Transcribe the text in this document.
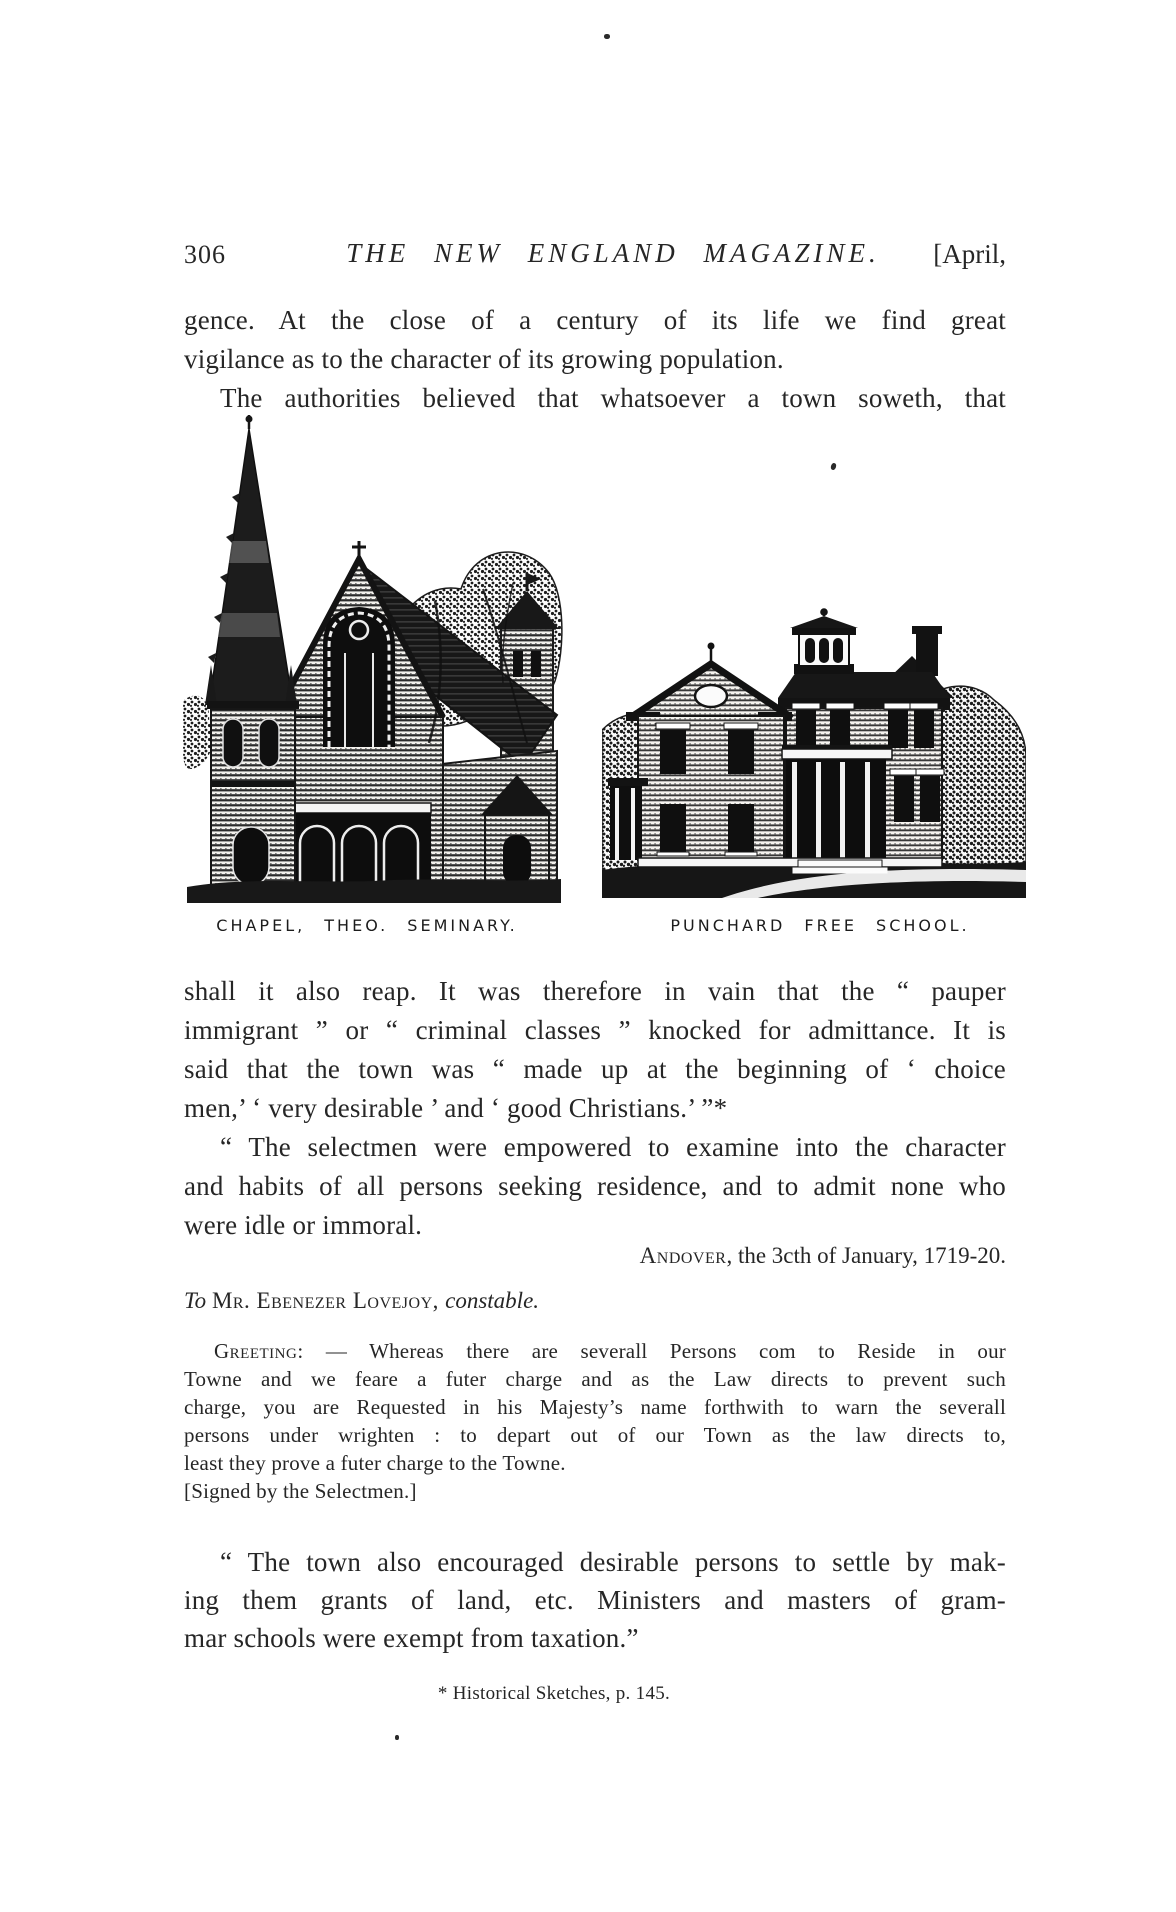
306	THE NEW ENGLAND MAGAZINE. [April,
gence. At the close of a century of its life we find great
vigilance as to the character of its growing population.
The authorities believed that whatsoever a town soweth, that
CHAPEL, THEO. SEMINARY.	PUNCHARD FREE SCHOOL.
shall it also reap. It was therefore in vain that the “ pauper
immigrant ” or “ criminal classes ” knocked for admittance. It is
said that the town was “ made up at the beginning of ‘ choice
men,’ ‘ very desirable ’ and ‘ good Christians.’ ”*
“ The selectmen were empowered to examine into the character
and habits of all persons seeking residence, and to admit none who
were idle or immoral.
Andover, the 3cth of January, 1719-20.
To Mr. Ebenezer Lovejoy, constable.
Greeting: — Whereas there are severall Persons com to Reside in our
Towne and we feare a futer charge and as the Law directs to prevent such
charge, you are Requested in his Majesty’s name forthwith to warn the severall
persons under wrighten : to depart out of our Town as the law directs to,
least they prove a futer charge to the Towne.
[Signed by the Selectmen.]
“ The town also encouraged desirable persons to settle by mak-
ing them grants of land, etc. Ministers and masters of gram-
mar schools were exempt from taxation.”
* Historical Sketches, p. 145.
